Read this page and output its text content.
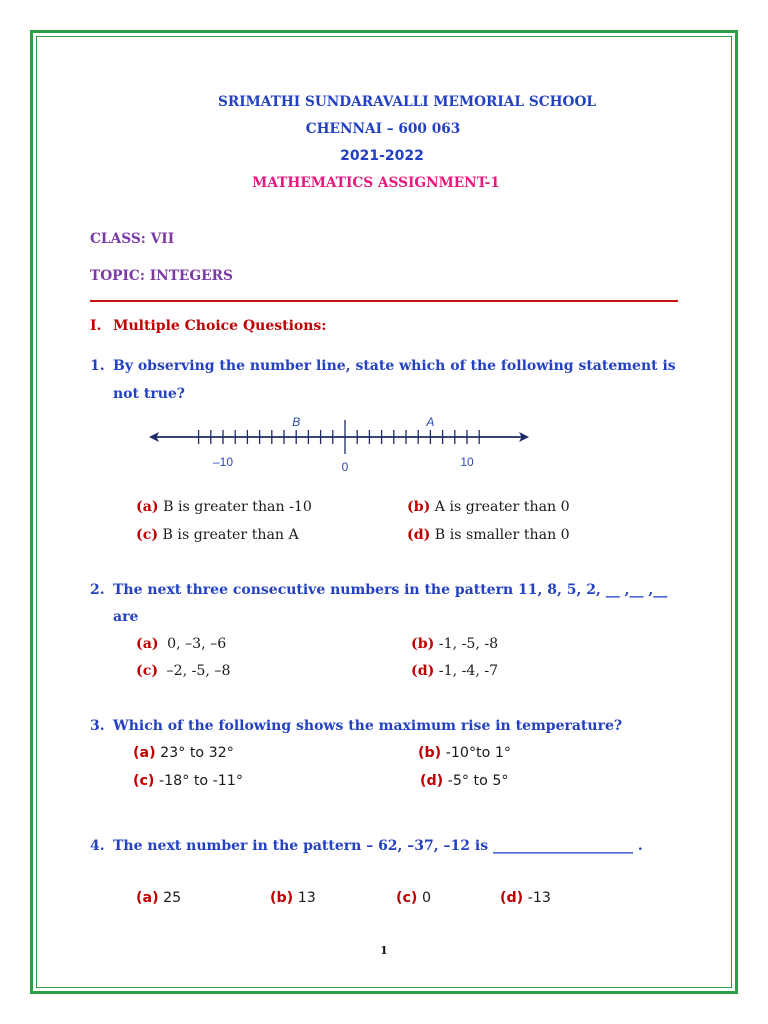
SRIMATHI SUNDARAVALLI MEMORIAL SCHOOL
CHENNAI – 600 063
2021-2022
MATHEMATICS ASSIGNMENT-1
CLASS: VII
TOPIC: INTEGERS
I. Multiple Choice Questions:
1. By observing the number line, state which of the following statement is
not true?
–10	0	10
B	A
(a) B is greater than -10	(b) A is greater than 0
(c) B is greater than A	(d) B is smaller than 0
2. The next three consecutive numbers in the pattern 11, 8, 5, 2, __ ,__ ,__
are
(a) 0, –3, –6	(b) -1, -5, -8
(c) –2, -5, –8	(d) -1, -4, -7
3. Which of the following shows the maximum rise in temperature?
(a) 23° to 32°	(b) -10°to 1°
(c) -18° to -11°	(d) -5° to 5°
4. The next number in the pattern – 62, –37, –12 is ____________________ .
(a) 25	(b) 13	(c) 0	(d) -13
1
